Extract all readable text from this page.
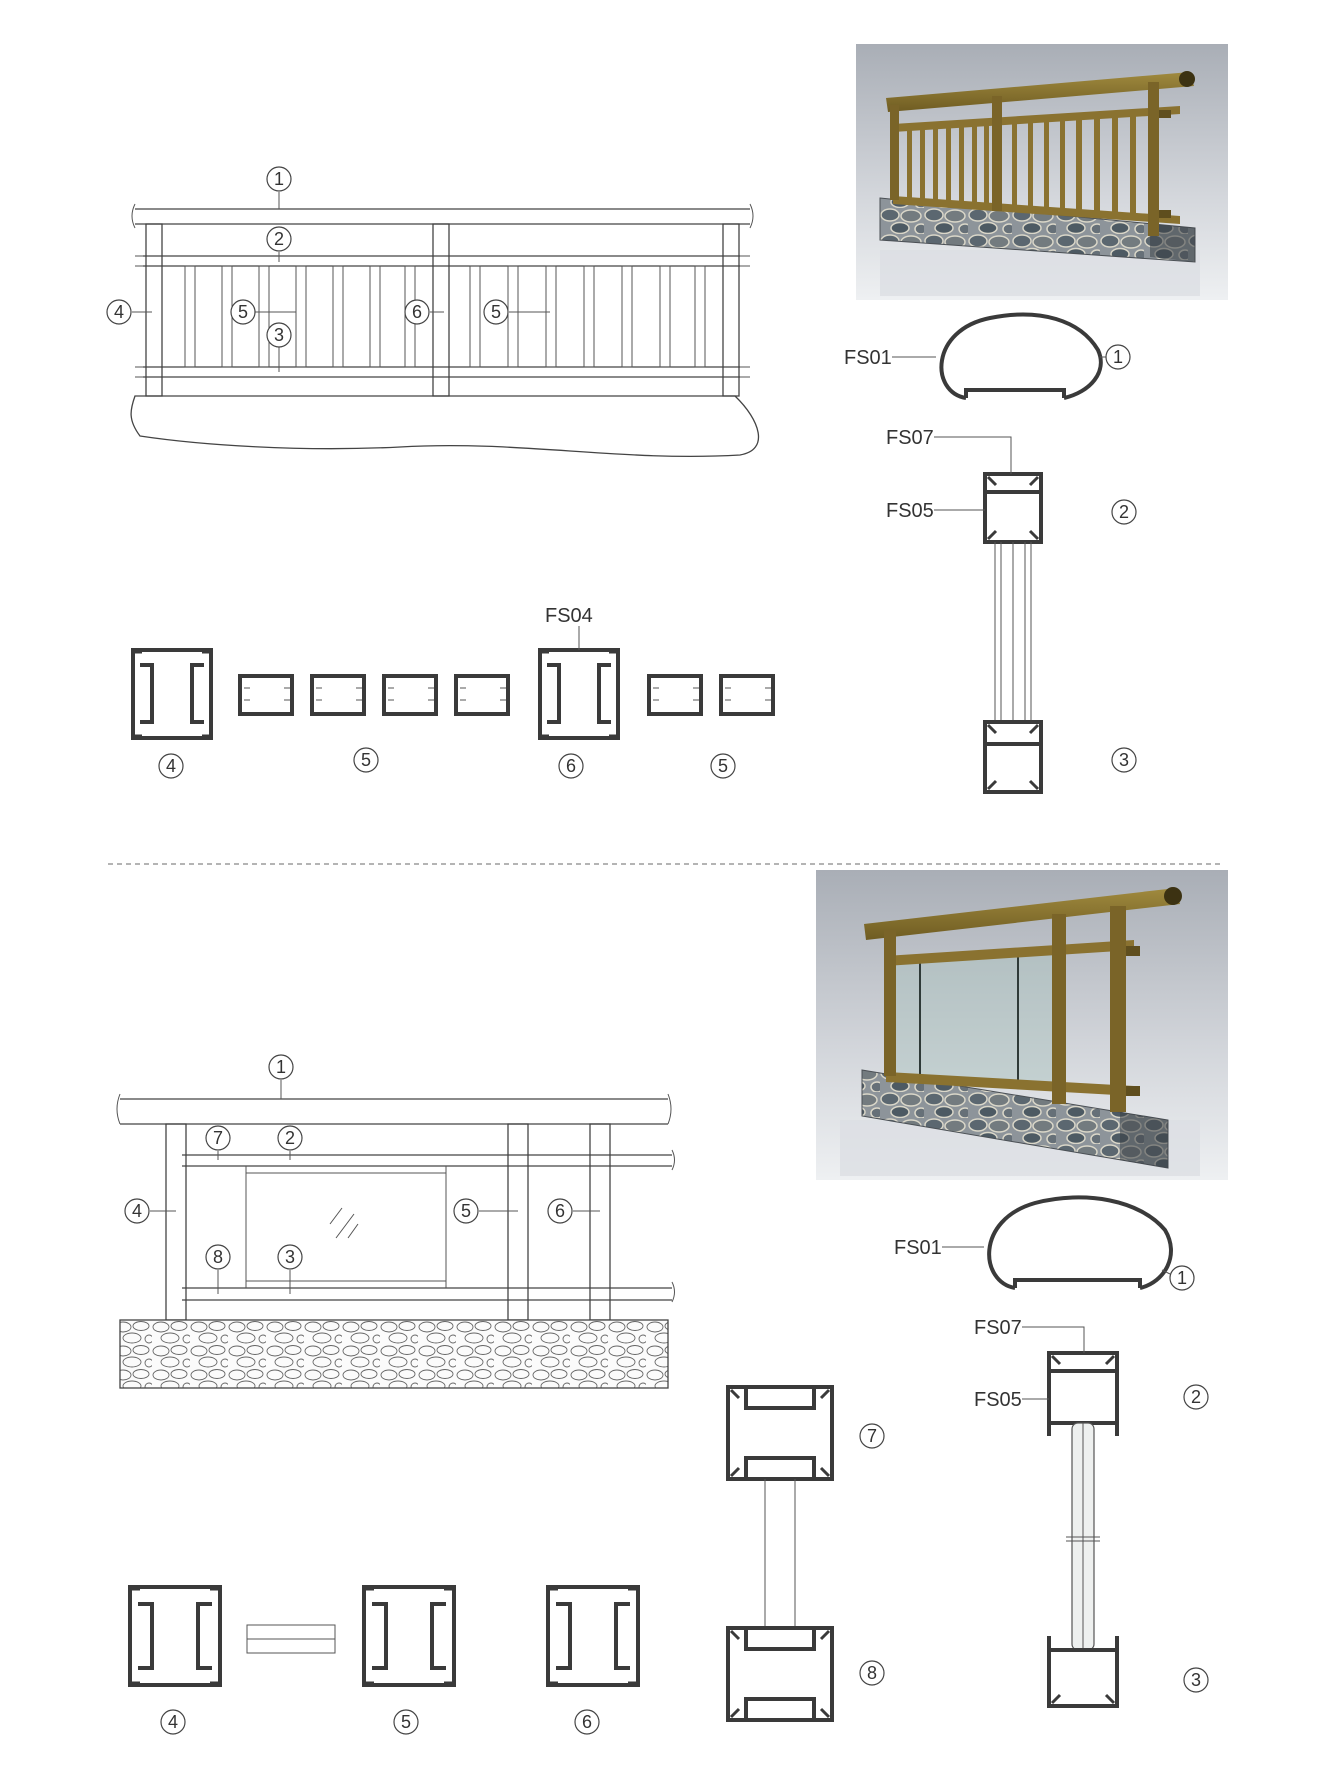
1
2
3
4	5	6	5
FS01	1
FS07
FS05	2
3
4	5
FS04
6	5
1
7	2
4	5	6
8	3	FS01
1
FS07
FS05	2
3
7
8
4	5	6
